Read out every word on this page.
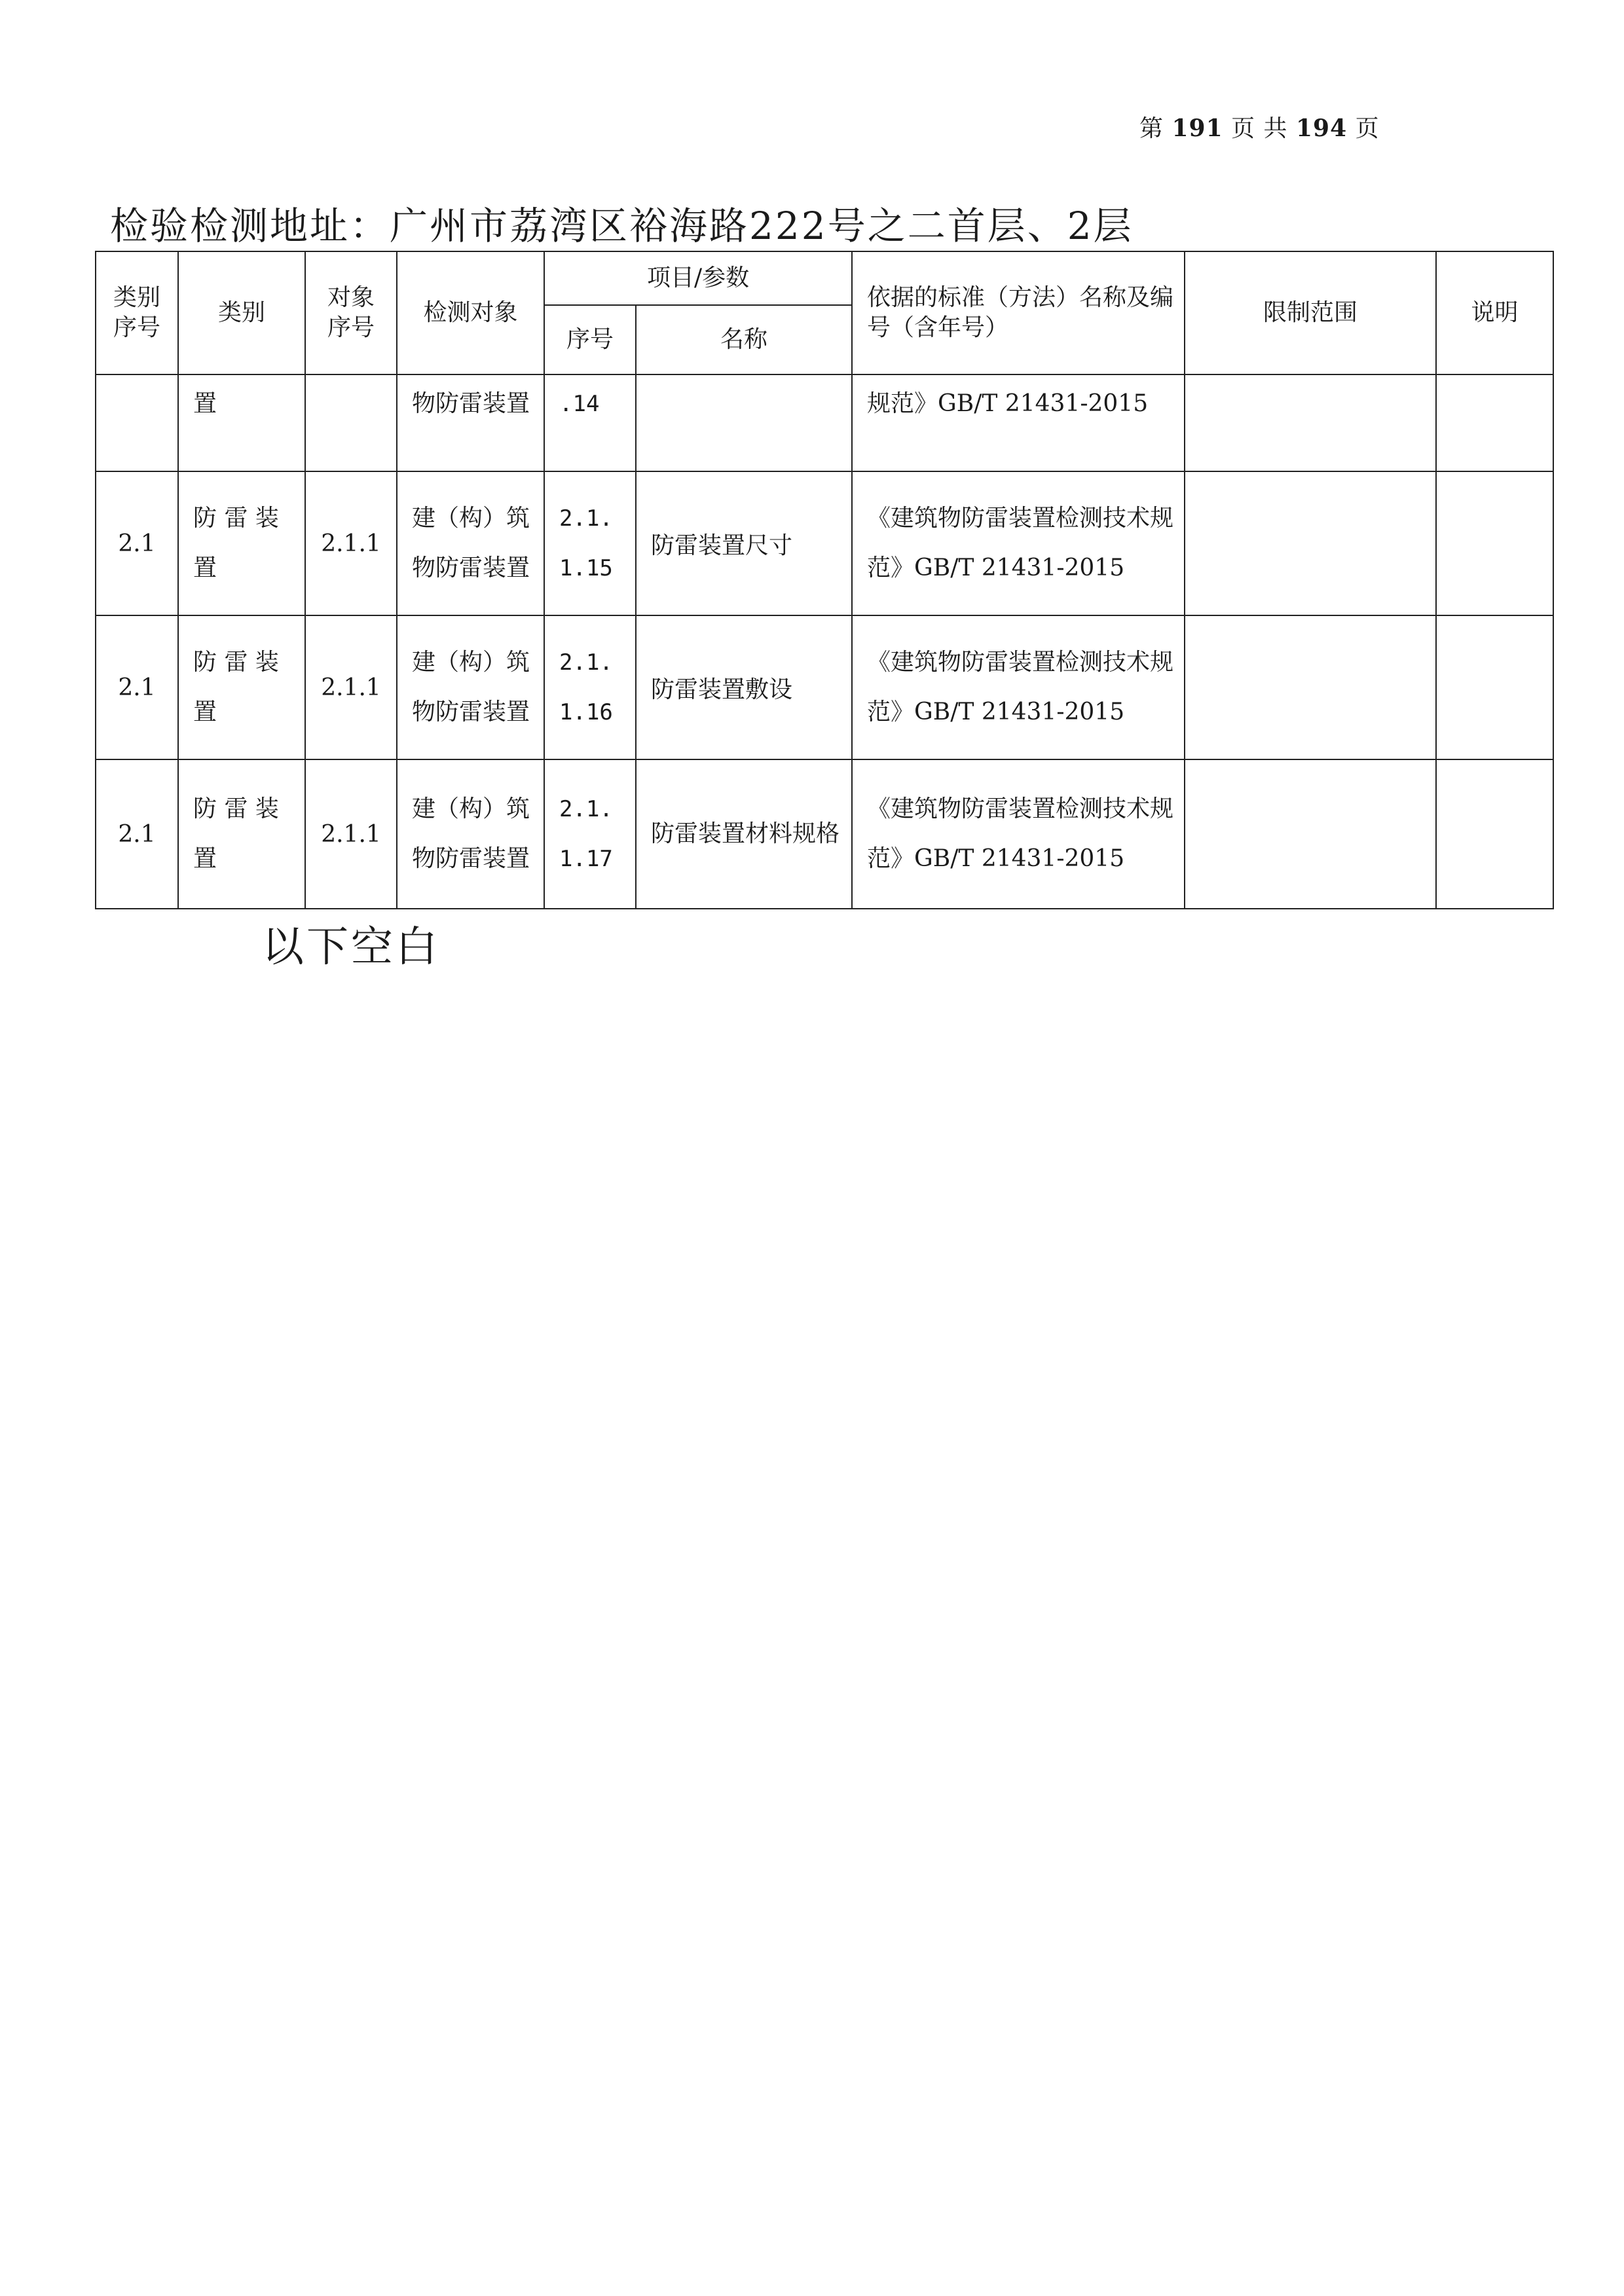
第 191 页 共 194 页
检验检测地址：广州市荔湾区裕海路222号之二首层、2层
类别序号	类别	对象序号	检测对象	项目/参数		依据的标准（方法）名称及编号（含年号）	限制范围	说明
				序号	名称			
	置		物防雷装置	.14		规范》GB/T 21431-2015		
2.1	防 雷 装 置	2.1.1	建（构）筑物防雷装置	2.1.1.15	防雷装置尺寸	《建筑物防雷装置检测技术规范》GB/T 21431-2015		
2.1	防 雷 装 置	2.1.1	建（构）筑物防雷装置	2.1.1.16	防雷装置敷设	《建筑物防雷装置检测技术规范》GB/T 21431-2015		
2.1	防 雷 装 置	2.1.1	建（构）筑物防雷装置	2.1.1.17	防雷装置材料规格	《建筑物防雷装置检测技术规范》GB/T 21431-2015		
以下空白
